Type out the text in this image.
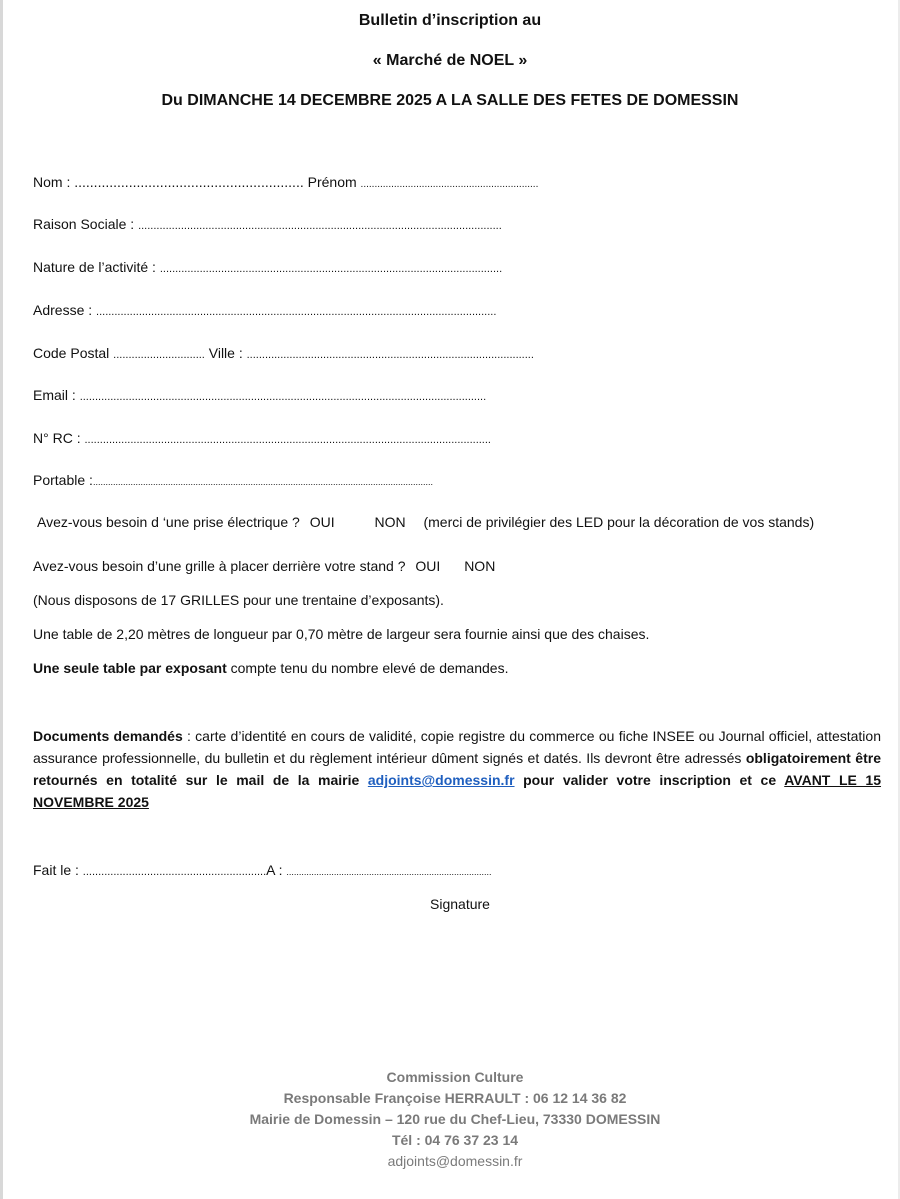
Bulletin d’inscription au
« Marché de NOEL »
Du DIMANCHE 14 DECEMBRE 2025 A LA SALLE DES FETES DE DOMESSIN
Nom : ........................................................... Prénom ................................................................
Raison Sociale : .......................................................................................................................
Nature de l’activité : ................................................................................................................
Adresse : ...................................................................................................................................
Code Postal .............................. Ville : ..............................................................................................
Email : .....................................................................................................................................
N° RC : .....................................................................................................................................
Portable :........................................................................................................................................
Avez-vous besoin d ‘une prise électrique ? OUI	NON (merci de privilégier des LED pour la décoration de vos stands)
Avez-vous besoin d’une grille à placer derrière votre stand ? OUI NON
(Nous disposons de 17 GRILLES pour une trentaine d’exposants).
Une table de 2,20 mètres de longueur par 0,70 mètre de largeur sera fournie ainsi que des chaises.
Une seule table par exposant compte tenu du nombre elevé de demandes.
Documents demandés : carte d’identité en cours de validité, copie registre du commerce ou fiche INSEE ou Journal officiel, attestation assurance professionnelle, du bulletin et du règlement intérieur dûment signés et datés. Ils devront être adressés obligatoirement être retournés en totalité sur le mail de la mairie adjoints@domessin.fr pour valider votre inscription et ce AVANT LE 15 NOVEMBRE 2025
Fait le : ............................................................A : ..................................................................................
Signature
Commission Culture
Responsable Françoise HERRAULT : 06 12 14 36 82
Mairie de Domessin – 120 rue du Chef-Lieu, 73330 DOMESSIN
Tél : 04 76 37 23 14
adjoints@domessin.fr
